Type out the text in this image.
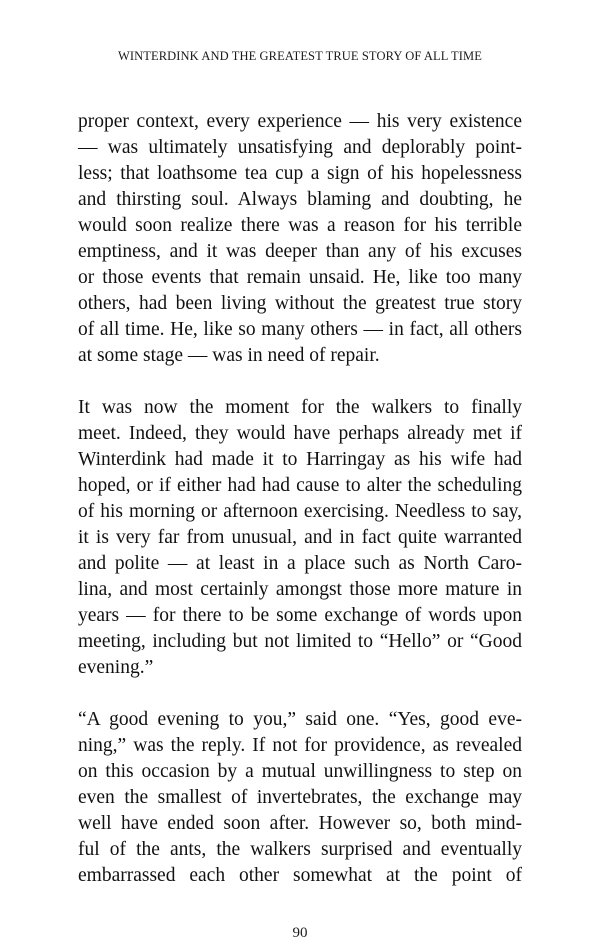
WINTERDINK AND THE GREATEST TRUE STORY OF ALL TIME

proper context, every experience — his very existence
— was ultimately unsatisfying and deplorably point-
less; that loathsome tea cup a sign of his hopelessness
and thirsting soul. Always blaming and doubting, he
would soon realize there was a reason for his terrible
emptiness, and it was deeper than any of his excuses
or those events that remain unsaid. He, like too many
others, had been living without the greatest true story
of all time. He, like so many others — in fact, all others
at some stage — was in need of repair.

It was now the moment for the walkers to finally
meet. Indeed, they would have perhaps already met if
Winterdink had made it to Harringay as his wife had
hoped, or if either had had cause to alter the scheduling
of his morning or afternoon exercising. Needless to say,
it is very far from unusual, and in fact quite warranted
and polite — at least in a place such as North Caro-
lina, and most certainly amongst those more mature in
years — for there to be some exchange of words upon
meeting, including but not limited to “Hello” or “Good
evening.”

“A good evening to you,” said one. “Yes, good eve-
ning,” was the reply. If not for providence, as revealed
on this occasion by a mutual unwillingness to step on
even the smallest of invertebrates, the exchange may
well have ended soon after. However so, both mind-
ful of the ants, the walkers surprised and eventually
embarrassed each other somewhat at the point of

90
